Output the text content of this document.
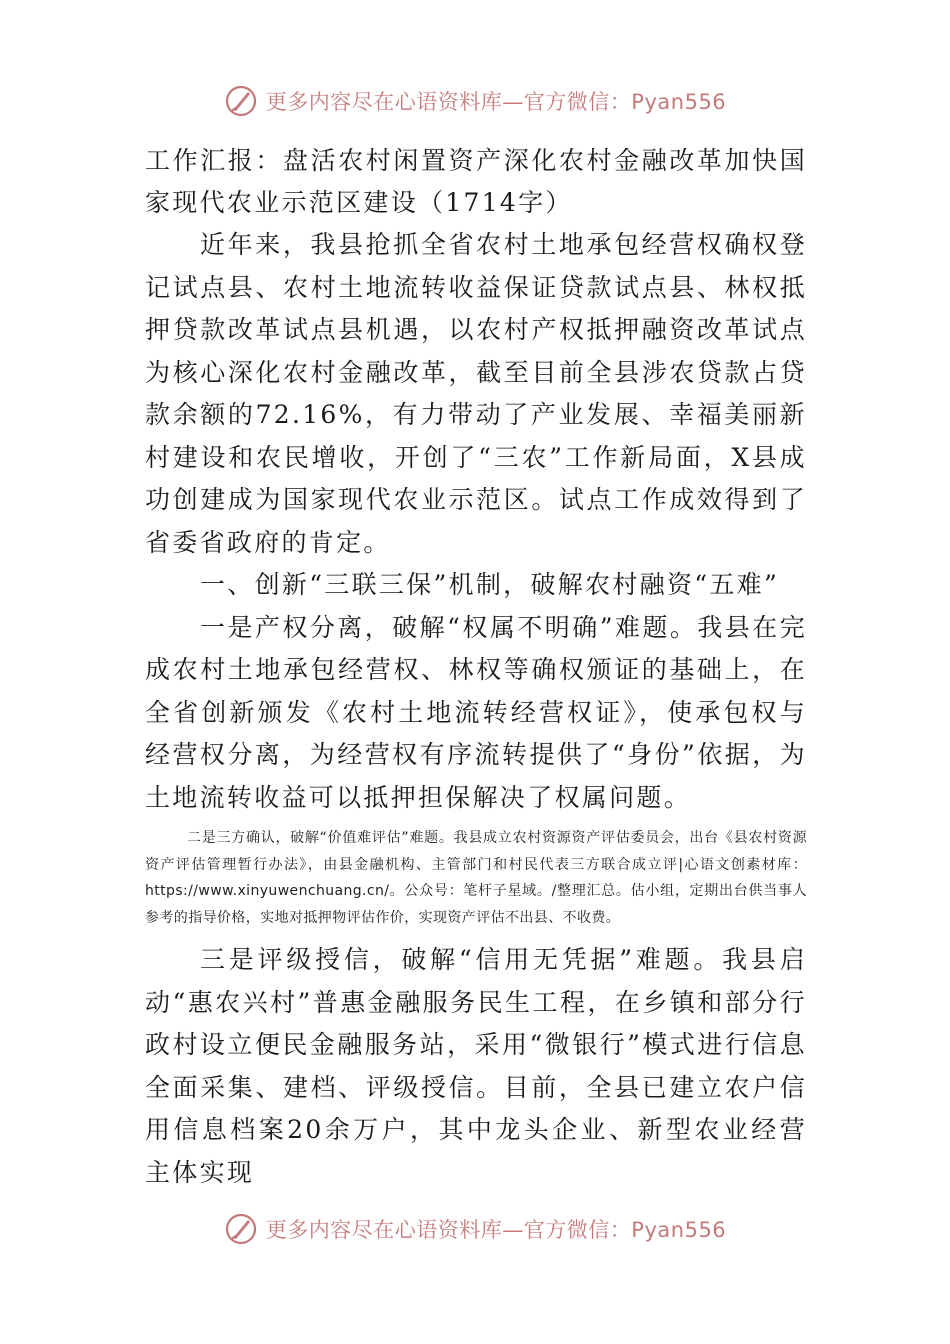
更多内容尽在心语资料库—官方微信：Pyan556
工作汇报：盘活农村闲置资产深化农村金融改革加快国家现代农业示范区建设（1714字）

近年来，我县抢抓全省农村土地承包经营权确权登记试点县、农村土地流转收益保证贷款试点县、林权抵押贷款改革试点县机遇，以农村产权抵押融资改革试点为核心深化农村金融改革，截至目前全县涉农贷款占贷款余额的72.16%，有力带动了产业发展、幸福美丽新村建设和农民增收，开创了“三农”工作新局面，X县成功创建成为国家现代农业示范区。试点工作成效得到了省委省政府的肯定。

一、创新“三联三保”机制，破解农村融资“五难”

一是产权分离，破解“权属不明确”难题。我县在完成农村土地承包经营权、林权等确权颁证的基础上，在全省创新颁发《农村土地流转经营权证》，使承包权与经营权分离，为经营权有序流转提供了“身份”依据，为土地流转收益可以抵押担保解决了权属问题。

二是三方确认，破解“价值难评估”难题。我县成立农村资源资产评估委员会，出台《县农村资源资产评估管理暂行办法》，由县金融机构、主管部门和村民代表三方联合成立评|心语文创素材库：https://www.xinyuwenchuang.cn/。公众号：笔杆子星域。/整理汇总。估小组，定期出台供当事人参考的指导价格，实地对抵押物评估作价，实现资产评估不出县、不收费。

三是评级授信，破解“信用无凭据”难题。我县启动“惠农兴村”普惠金融服务民生工程，在乡镇和部分行政村设立便民金融服务站，采用“微银行”模式进行信息全面采集、建档、评级授信。目前，全县已建立农户信用信息档案20余万户，其中龙头企业、新型农业经营主体实现

更多内容尽在心语资料库—官方微信：Pyan556
